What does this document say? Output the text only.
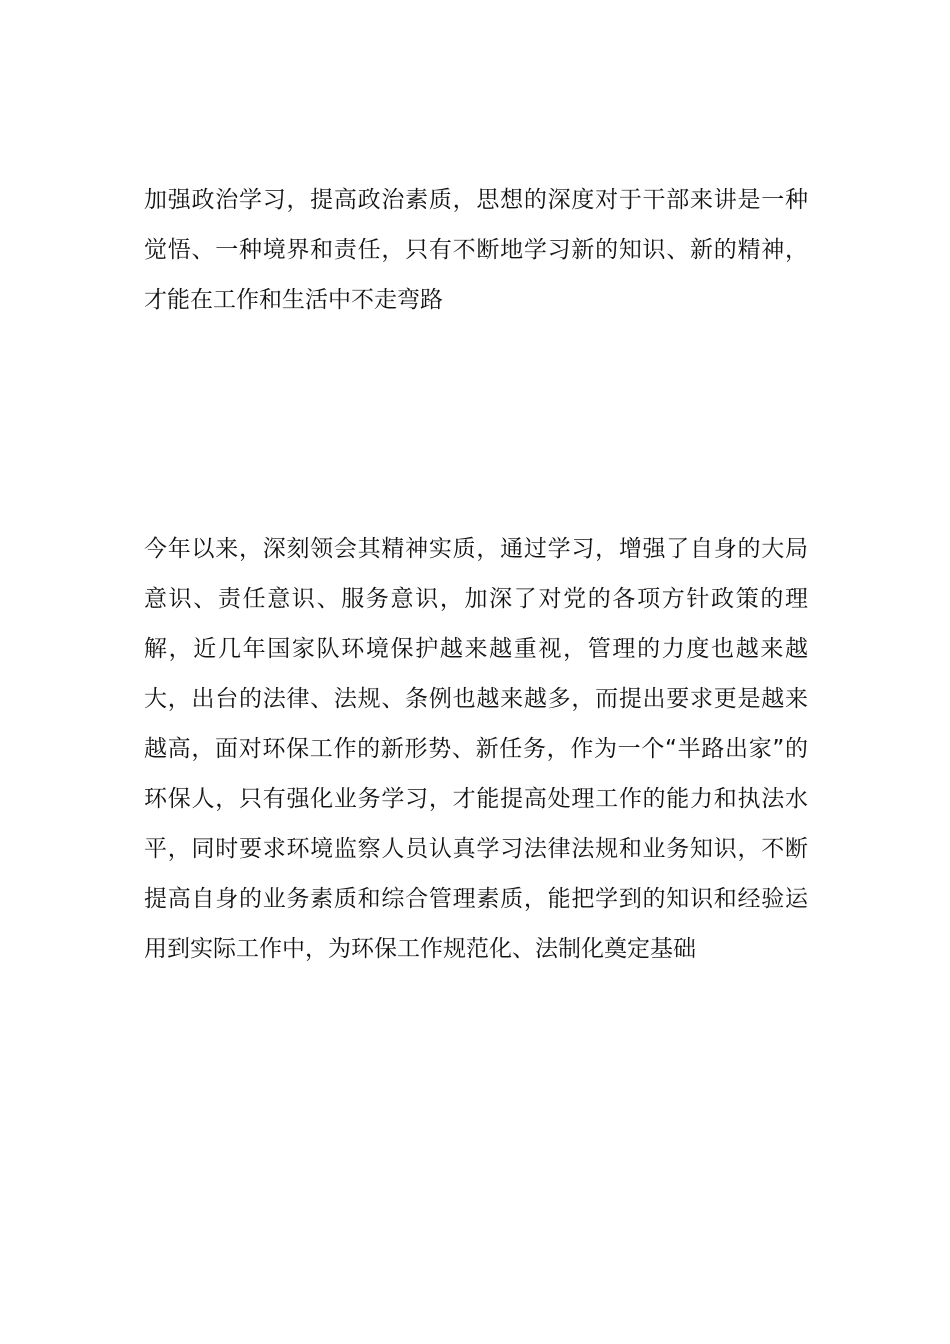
加强政治学习，提高政治素质，思想的深度对于干部来讲是一种觉悟、一种境界和责任，只有不断地学习新的知识、新的精神，才能在工作和生活中不走弯路

今年以来，深刻领会其精神实质，通过学习，增强了自身的大局意识、责任意识、服务意识，加深了对党的各项方针政策的理解，近几年国家队环境保护越来越重视，管理的力度也越来越大，出台的法律、法规、条例也越来越多，而提出要求更是越来越高，面对环保工作的新形势、新任务，作为一个“半路出家”的环保人，只有强化业务学习，才能提高处理工作的能力和执法水平，同时要求环境监察人员认真学习法律法规和业务知识，不断提高自身的业务素质和综合管理素质，能把学到的知识和经验运用到实际工作中，为环保工作规范化、法制化奠定基础
